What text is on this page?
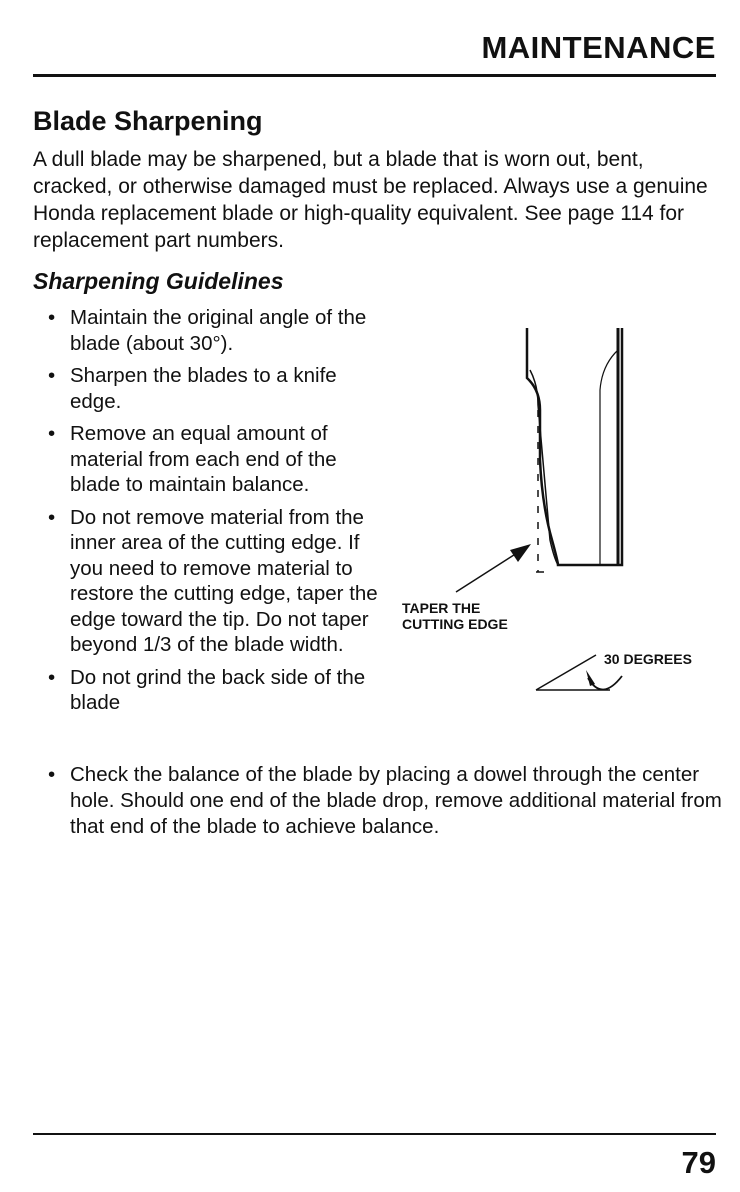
MAINTENANCE
Blade Sharpening
A dull blade may be sharpened, but a blade that is worn out, bent, cracked, or otherwise damaged must be replaced. Always use a genuine Honda replacement blade or high-quality equivalent. See page 114 for replacement part numbers.
Sharpening Guidelines
• Maintain the original angle of the blade (about 30°).
• Sharpen the blades to a knife edge.
• Remove an equal amount of material from each end of the blade to maintain balance.
• Do not remove material from the inner area of the cutting edge. If you need to remove material to restore the cutting edge, taper the edge toward the tip. Do not taper beyond 1/3 of the blade width.
• Do not grind the back side of the blade
• Check the balance of the blade by placing a dowel through the center hole. Should one end of the blade drop, remove additional material from that end of the blade to achieve balance.
TAPER THE
CUTTING EDGE
30 DEGREES
79
